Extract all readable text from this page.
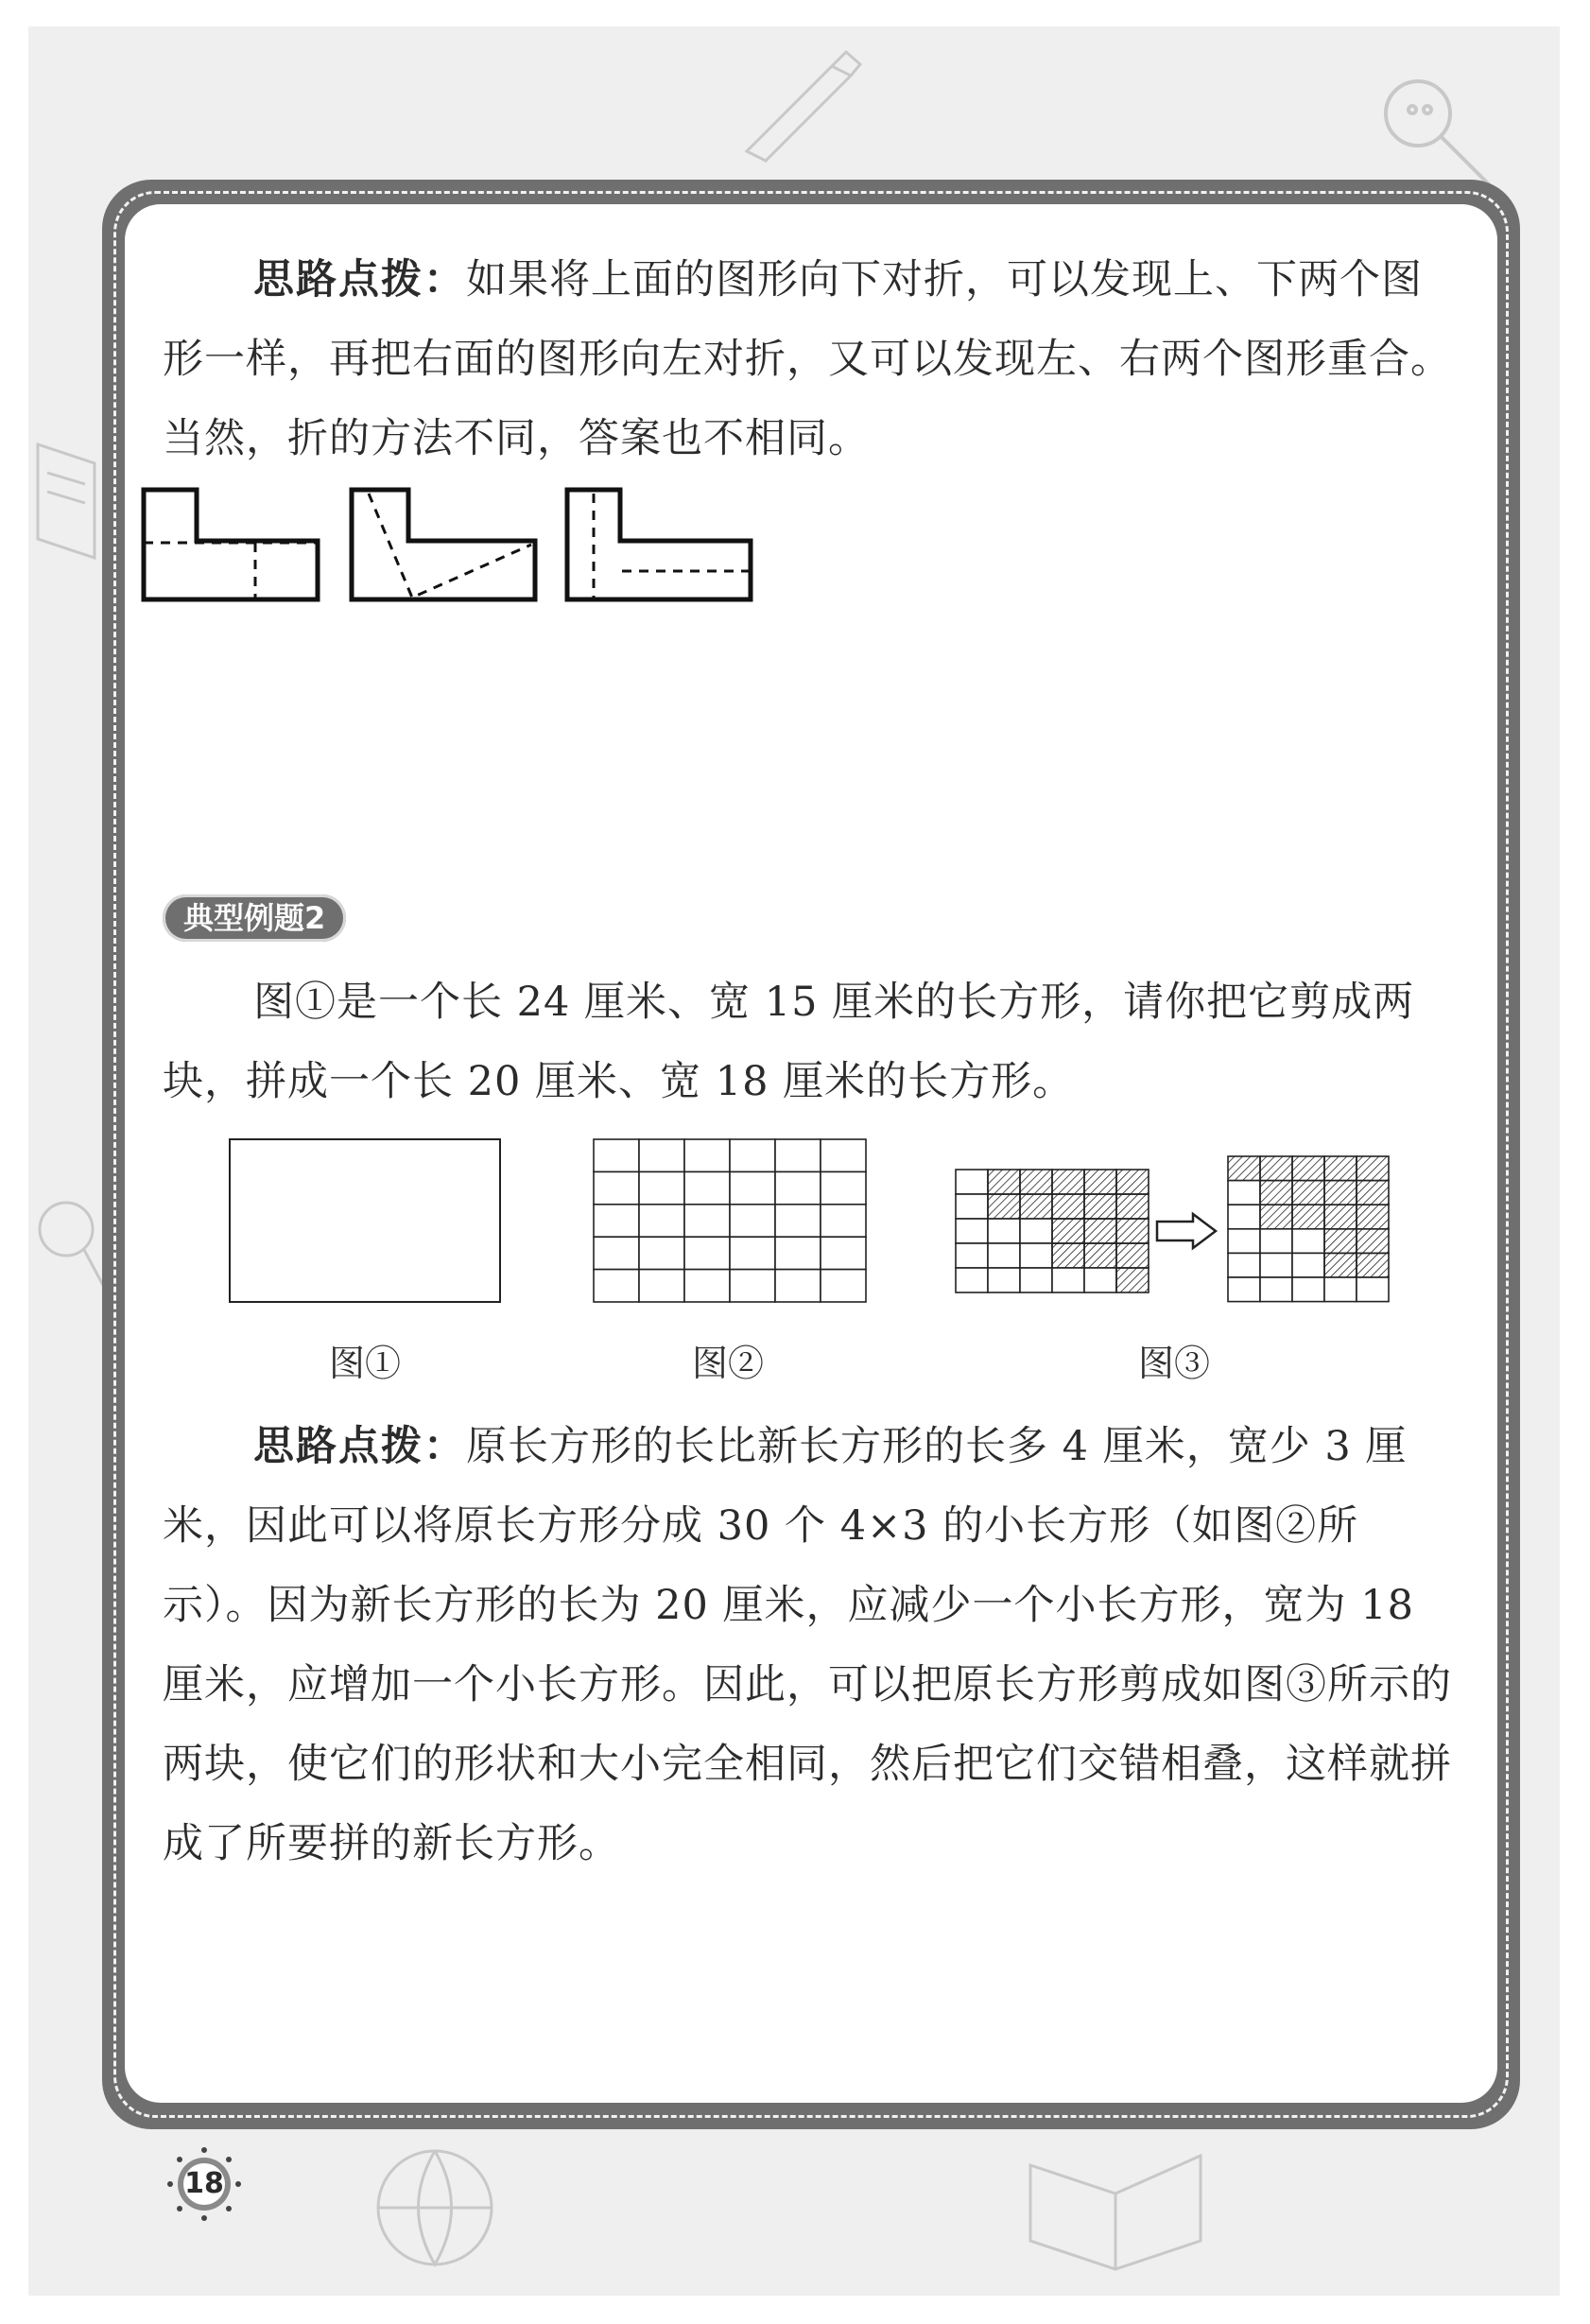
思路点拨：如果将上面的图形向下对折，可以发现上、下两个图形一样，再把右面的图形向左对折，又可以发现左、右两个图形重合。当然，折的方法不同，答案也不相同。

典型例题2

图①是一个长 24 厘米、宽 15 厘米的长方形，请你把它剪成两块，拼成一个长 20 厘米、宽 18 厘米的长方形。

图①	图②	图③

思路点拨：原长方形的长比新长方形的长多 4 厘米，宽少 3 厘米，因此可以将原长方形分成 30 个 4×3 的小长方形（如图②所示）。因为新长方形的长为 20 厘米，应减少一个小长方形，宽为 18 厘米，应增加一个小长方形。因此，可以把原长方形剪成如图③所示的两块，使它们的形状和大小完全相同，然后把它们交错相叠，这样就拼成了所要拼的新长方形。

18
